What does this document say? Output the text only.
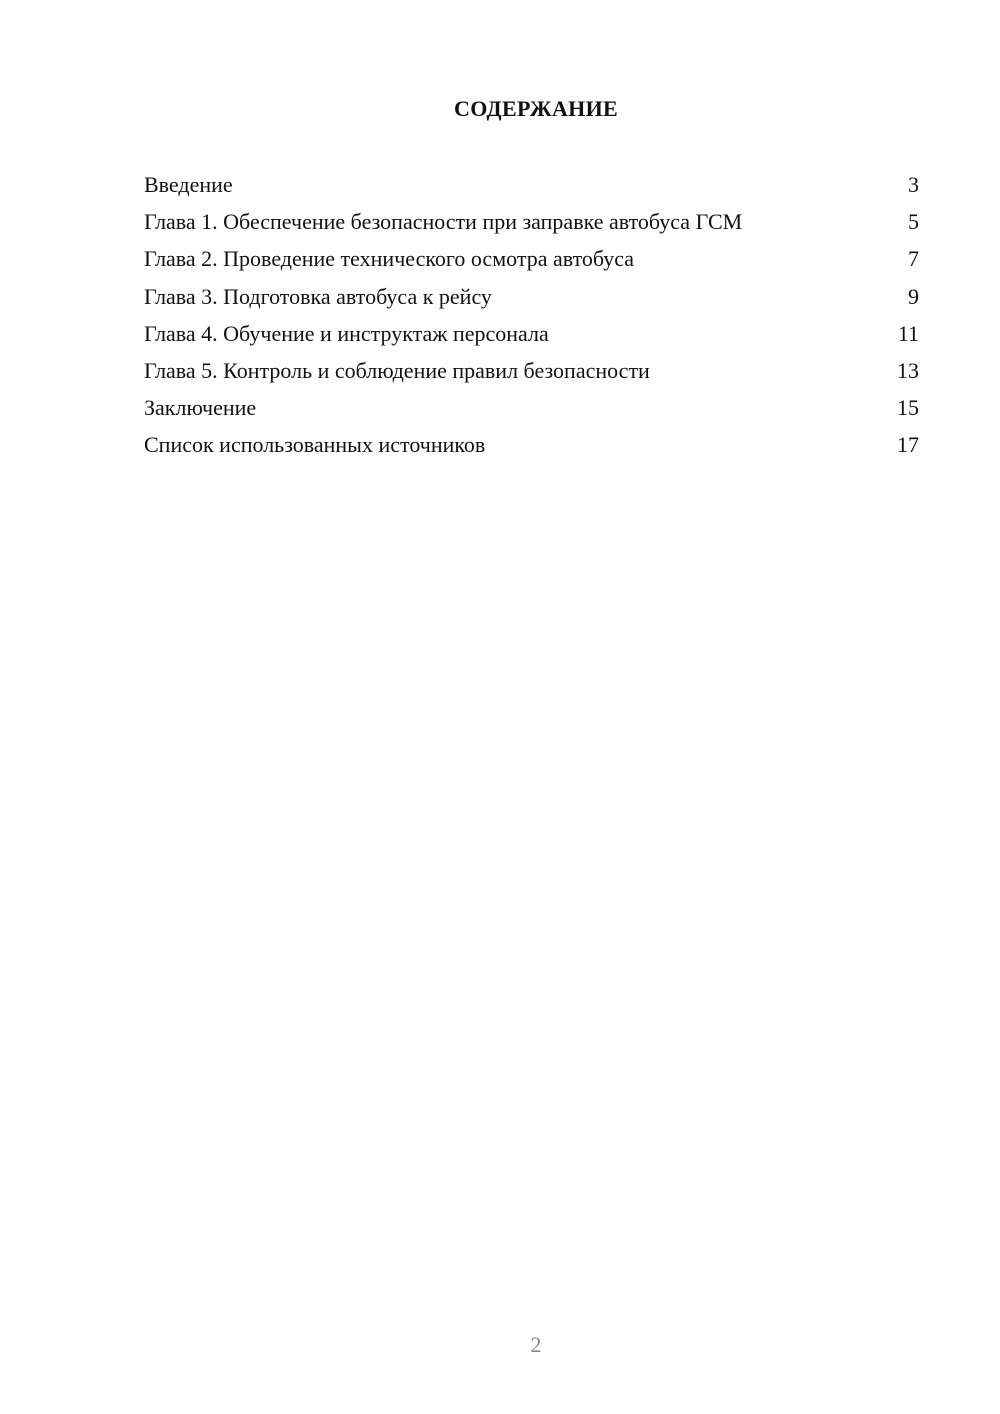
СОДЕРЖАНИЕ
Введение	3
Глава 1. Обеспечение безопасности при заправке автобуса ГСМ	5
Глава 2. Проведение технического осмотра автобуса	7
Глава 3. Подготовка автобуса к рейсу	9
Глава 4. Обучение и инструктаж персонала	11
Глава 5. Контроль и соблюдение правил безопасности	13
Заключение	15
Список использованных источников	17
2
